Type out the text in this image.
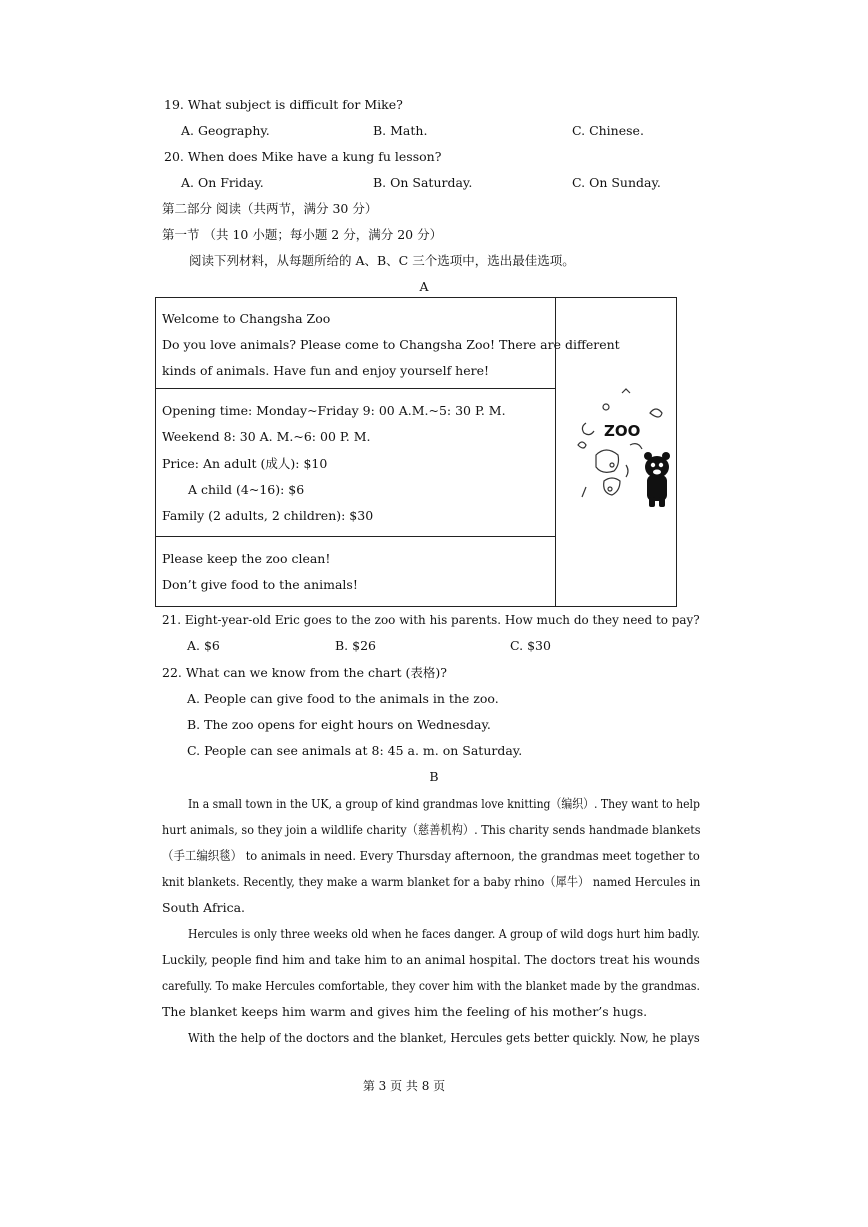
19. What subject is difficult for Mike?
A. Geography.	B. Math.	C. Chinese.
20. When does Mike have a kung fu lesson?
A. On Friday.	B. On Saturday.	C. On Sunday.
第二部分 阅读（共两节，满分 30 分）
第一节 （共 10 小题；每小题 2 分，满分 20 分）
阅读下列材料，从每题所给的 A、B、C 三个选项中，选出最佳选项。
A
Welcome to Changsha Zoo
Do you love animals? Please come to Changsha Zoo! There are different
kinds of animals. Have fun and enjoy yourself here!
Opening time: Monday~Friday 9: 00 A.M.~5: 30 P. M.
Weekend 8: 30 A. M.~6: 00 P. M.
Price: An adult (成人): $10
A child (4~16): $6
Family (2 adults, 2 children): $30
Please keep the zoo clean!
Don’t give food to the animals!
ZOO
21. Eight-year-old Eric goes to the zoo with his parents. How much do they need to pay?
A. $6	B. $26	C. $30
22. What can we know from the chart (表格)?
A. People can give food to the animals in the zoo.
B. The zoo opens for eight hours on Wednesday.
C. People can see animals at 8: 45 a. m. on Saturday.
B
In a small town in the UK, a group of kind grandmas love knitting（编织）. They want to help
hurt animals, so they join a wildlife charity（慈善机构）. This charity sends handmade blankets
（手工编织毯） to animals in need. Every Thursday afternoon, the grandmas meet together to
knit blankets. Recently, they make a warm blanket for a baby rhino（犀牛） named Hercules in
South Africa.
Hercules is only three weeks old when he faces danger. A group of wild dogs hurt him badly.
Luckily, people find him and take him to an animal hospital. The doctors treat his wounds
carefully. To make Hercules comfortable, they cover him with the blanket made by the grandmas.
The blanket keeps him warm and gives him the feeling of his mother’s hugs.
With the help of the doctors and the blanket, Hercules gets better quickly. Now, he plays
第 3 页 共 8 页
